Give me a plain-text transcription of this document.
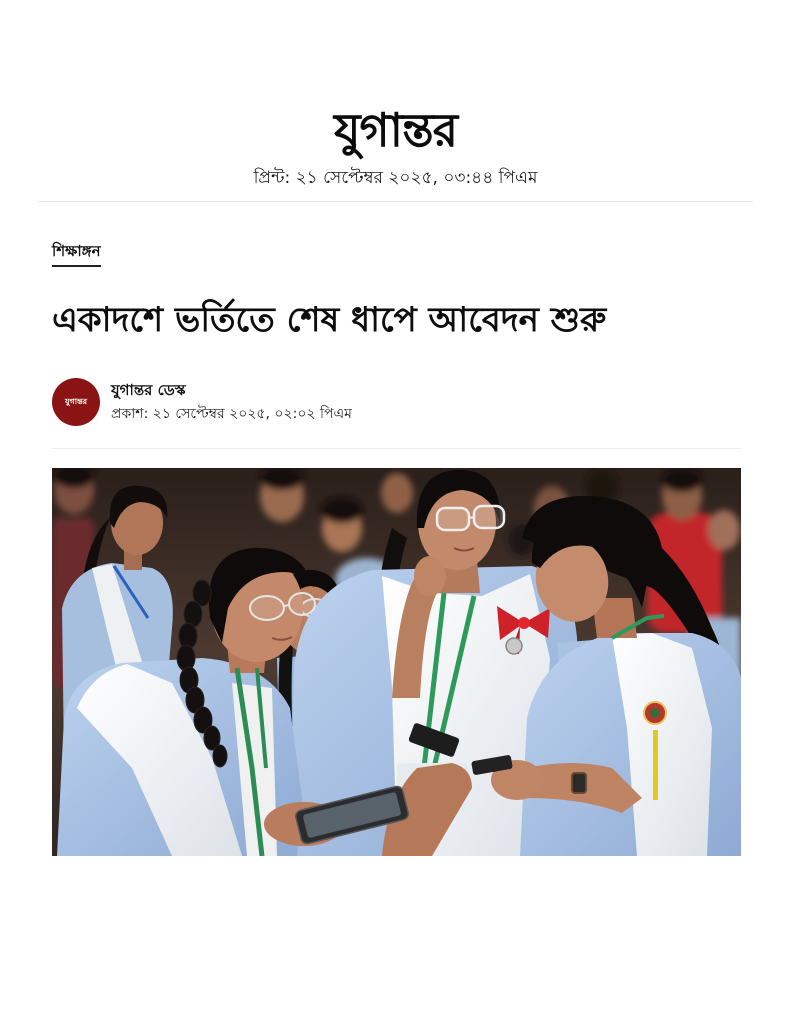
যুগান্তর
প্রিন্ট: ২১ সেপ্টেম্বর ২০২৫, ০৩:৪৪ পিএম
শিক্ষাঙ্গন
একাদশে ভর্তিতে শেষ ধাপে আবেদন শুরু
যুগান্তর
যুগান্তর ডেস্ক
প্রকাশ: ২১ সেপ্টেম্বর ২০২৫, ০২:০২ পিএম
